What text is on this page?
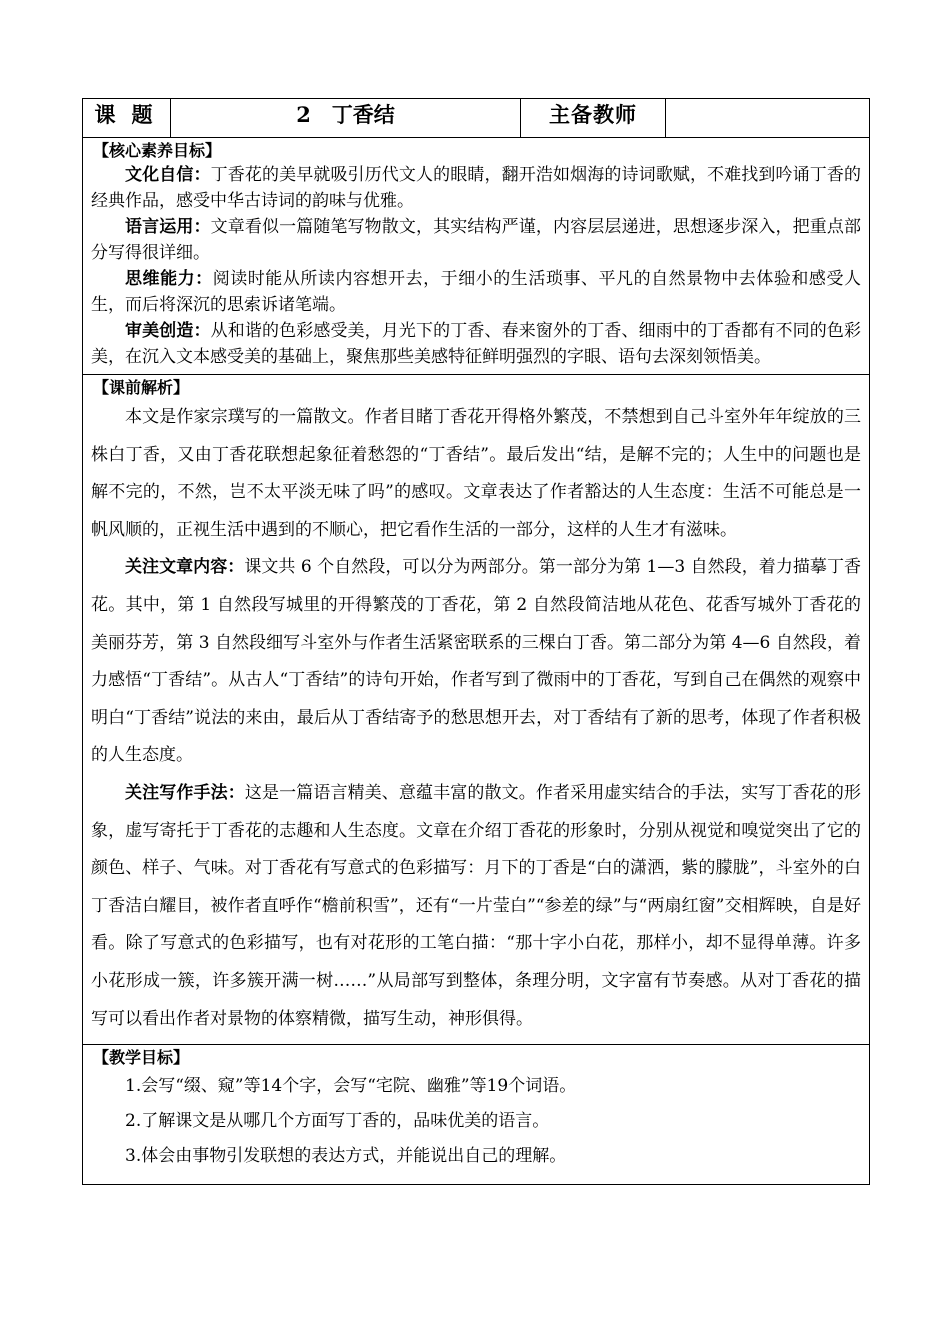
课题	2　丁香结	主备教师	

【核心素养目标】

文化自信：丁香花的美早就吸引历代文人的眼睛，翻开浩如烟海的诗词歌赋，不难找到吟诵丁香的经典作品，感受中华古诗词的韵味与优雅。

语言运用：文章看似一篇随笔写物散文，其实结构严谨，内容层层递进，思想逐步深入，把重点部分写得很详细。

思维能力：阅读时能从所读内容想开去，于细小的生活琐事、平凡的自然景物中去体验和感受人生，而后将深沉的思索诉诸笔端。

审美创造：从和谐的色彩感受美，月光下的丁香、春来窗外的丁香、细雨中的丁香都有不同的色彩美，在沉入文本感受美的基础上，聚焦那些美感特征鲜明强烈的字眼、语句去深刻领悟美。

【课前解析】

本文是作家宗璞写的一篇散文。作者目睹丁香花开得格外繁茂，不禁想到自己斗室外年年绽放的三株白丁香，又由丁香花联想起象征着愁怨的“丁香结”。最后发出“结，是解不完的；人生中的问题也是解不完的，不然，岂不太平淡无味了吗”的感叹。文章表达了作者豁达的人生态度：生活不可能总是一帆风顺的，正视生活中遇到的不顺心，把它看作生活的一部分，这样的人生才有滋味。

关注文章内容：课文共 6 个自然段，可以分为两部分。第一部分为第 1—3 自然段，着力描摹丁香花。其中，第 1 自然段写城里的开得繁茂的丁香花，第 2 自然段简洁地从花色、花香写城外丁香花的美丽芬芳，第 3 自然段细写斗室外与作者生活紧密联系的三棵白丁香。第二部分为第 4—6 自然段，着力感悟“丁香结”。从古人“丁香结”的诗句开始，作者写到了微雨中的丁香花，写到自己在偶然的观察中明白“丁香结”说法的来由，最后从丁香结寄予的愁思想开去，对丁香结有了新的思考，体现了作者积极的人生态度。

关注写作手法：这是一篇语言精美、意蕴丰富的散文。作者采用虚实结合的手法，实写丁香花的形象，虚写寄托于丁香花的志趣和人生态度。文章在介绍丁香花的形象时，分别从视觉和嗅觉突出了它的颜色、样子、气味。对丁香花有写意式的色彩描写：月下的丁香是“白的潇洒，紫的朦胧”，斗室外的白丁香洁白耀目，被作者直呼作“檐前积雪”，还有“一片莹白”“参差的绿”与“两扇红窗”交相辉映，自是好看。除了写意式的色彩描写，也有对花形的工笔白描：“那十字小白花，那样小，却不显得单薄。许多小花形成一簇，许多簇开满一树……”从局部写到整体，条理分明，文字富有节奏感。从对丁香花的描写可以看出作者对景物的体察精微，描写生动，神形俱得。

【教学目标】

1.会写“缀、窥”等14个字，会写“宅院、幽雅”等19个词语。

2.了解课文是从哪几个方面写丁香的，品味优美的语言。

3.体会由事物引发联想的表达方式，并能说出自己的理解。
